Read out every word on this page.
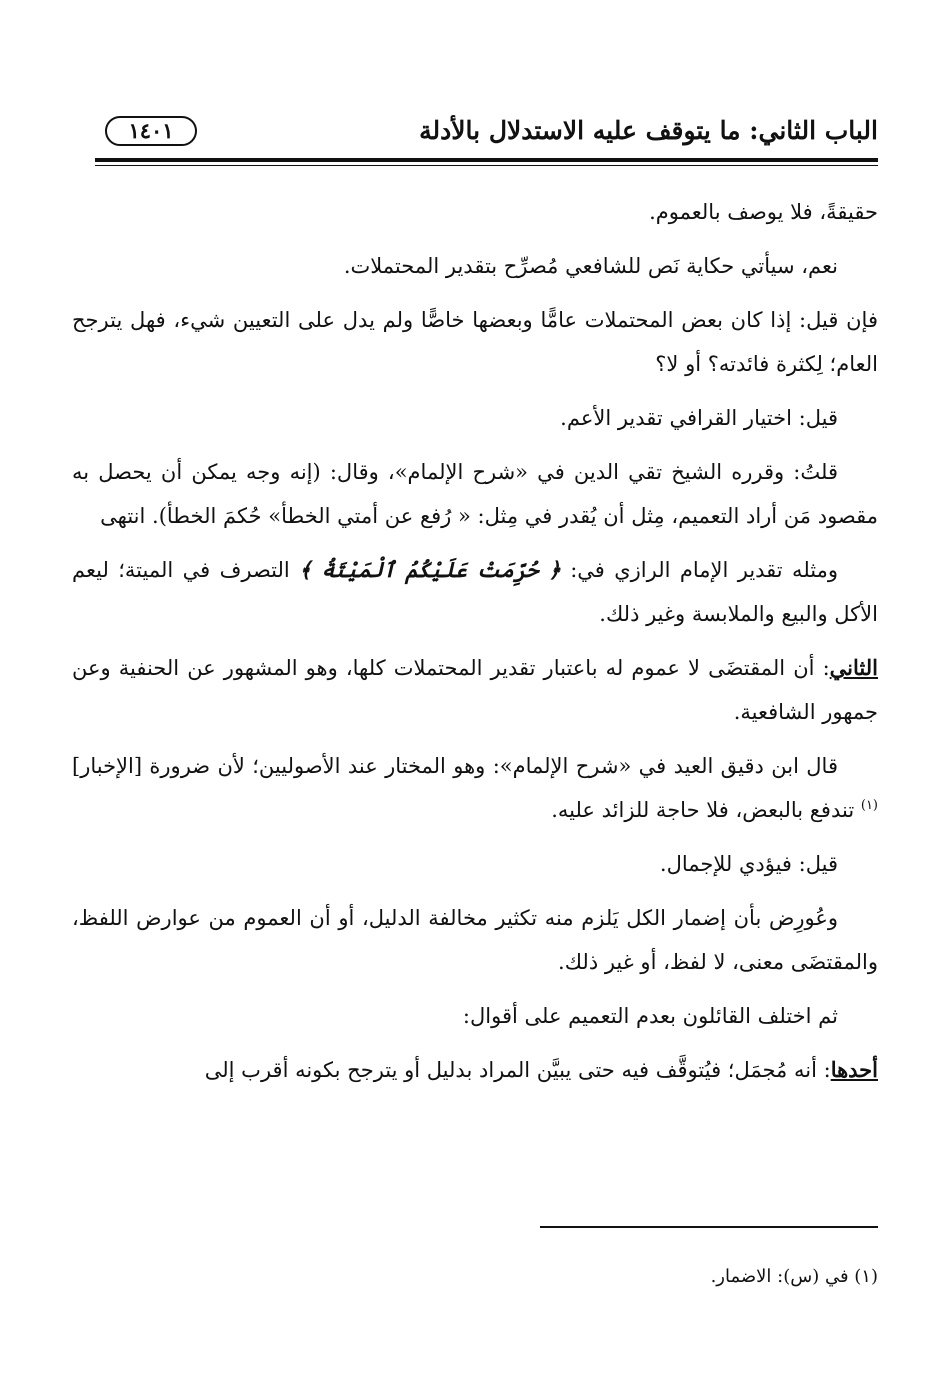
الباب الثاني: ما يتوقف عليه الاستدلال بالأدلة
١٤٠١

حقيقةً، فلا يوصف بالعموم.

نعم، سيأتي حكاية نَص للشافعي مُصرِّح بتقدير المحتملات.

فإن قيل: إذا كان بعض المحتملات عامًّا وبعضها خاصًّا ولم يدل على التعيين شيء، فهل يترجح العام؛ لِكثرة فائدته؟ أو لا؟

قيل: اختيار القرافي تقدير الأعم.

قلتُ: وقرره الشيخ تقي الدين في «شرح الإلمام»، وقال: (إنه وجه يمكن أن يحصل به مقصود مَن أراد التعميم، مِثل أن يُقدر في مِثل: « رُفع عن أمتي الخطأ» حُكمَ الخطأ). انتهى

ومثله تقدير الإمام الرازي في: ﴿ حُرِّمَتْ عَلَيْكُمُ ٱلْمَيْتَةُ ﴾ التصرف في الميتة؛ ليعم الأكل والبيع والملابسة وغير ذلك.

الثاني: أن المقتضَى لا عموم له باعتبار تقدير المحتملات كلها، وهو المشهور عن الحنفية وعن جمهور الشافعية.

قال ابن دقيق العيد في «شرح الإلمام»: وهو المختار عند الأصوليين؛ لأن ضرورة [الإخبار]$^{(١)}$ تندفع بالبعض، فلا حاجة للزائد عليه.

قيل: فيؤدي للإجمال.

وعُورِض بأن إضمار الكل يَلزم منه تكثير مخالفة الدليل، أو أن العموم من عوارض اللفظ، والمقتضَى معنى، لا لفظ، أو غير ذلك.

ثم اختلف القائلون بعدم التعميم على أقوال:

أحدها: أنه مُجمَل؛ فيُتوقَّف فيه حتى يبيَّن المراد بدليل أو يترجح بكونه أقرب إلى

(١) في (س): الاضمار.
